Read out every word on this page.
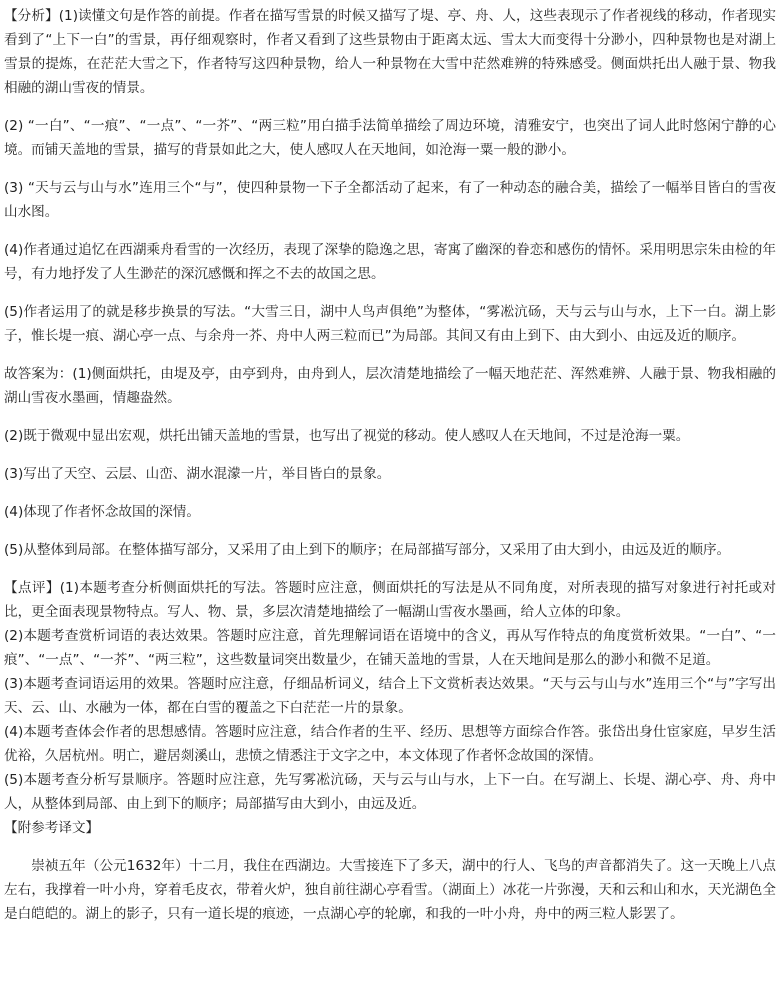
【分析】(1)读懂文句是作答的前提。作者在描写雪景的时候又描写了堤、亭、舟、人，这些表现示了作者视线的移动，作者现实看到了“上下一白”的雪景，再仔细观察时，作者又看到了这些景物由于距离太远、雪太大而变得十分渺小，四种景物也是对湖上雪景的提炼，在茫茫大雪之下，作者特写这四种景物，给人一种景物在大雪中茫然难辨的特殊感受。侧面烘托出人融于景、物我相融的湖山雪夜的情景。

(2) “一白”、“一痕”、“一点”、“一芥”、“两三粒”用白描手法简单描绘了周边环境，清雅安宁，也突出了词人此时悠闲宁静的心境。而铺天盖地的雪景，描写的背景如此之大，使人感叹人在天地间，如沧海一粟一般的渺小。

(3) “天与云与山与水”连用三个“与”，使四种景物一下子全都活动了起来，有了一种动态的融合美，描绘了一幅举目皆白的雪夜山水图。

(4)作者通过追忆在西湖乘舟看雪的一次经历，表现了深挚的隐逸之思，寄寓了幽深的眷恋和感伤的情怀。采用明思宗朱由检的年号，有力地抒发了人生渺茫的深沉感慨和挥之不去的故国之思。

(5)作者运用了的就是移步换景的写法。“大雪三日，湖中人鸟声俱绝”为整体，“雾凇沆砀，天与云与山与水，上下一白。湖上影子，惟长堤一痕、湖心亭一点、与余舟一芥、舟中人两三粒而已”为局部。其间又有由上到下、由大到小、由远及近的顺序。

故答案为：(1)侧面烘托，由堤及亭，由亭到舟，由舟到人，层次清楚地描绘了一幅天地茫茫、浑然难辨、人融于景、物我相融的湖山雪夜水墨画，情趣盎然。

(2)既于微观中显出宏观，烘托出铺天盖地的雪景，也写出了视觉的移动。使人感叹人在天地间，不过是沧海一粟。

(3)写出了天空、云层、山峦、湖水混濛一片，举目皆白的景象。

(4)体现了作者怀念故国的深情。

(5)从整体到局部。在整体描写部分，又采用了由上到下的顺序；在局部描写部分，又采用了由大到小，由远及近的顺序。

【点评】(1)本题考查分析侧面烘托的写法。答题时应注意，侧面烘托的写法是从不同角度，对所表现的描写对象进行衬托或对比，更全面表现景物特点。写人、物、景，多层次清楚地描绘了一幅湖山雪夜水墨画，给人立体的印象。

(2)本题考查赏析词语的表达效果。答题时应注意，首先理解词语在语境中的含义，再从写作特点的角度赏析效果。“一白”、“一痕”、“一点”、“一芥”、“两三粒”，这些数量词突出数量少，在铺天盖地的雪景，人在天地间是那么的渺小和微不足道。

(3)本题考查词语运用的效果。答题时应注意，仔细品析词义，结合上下文赏析表达效果。“天与云与山与水”连用三个“与”字写出天、云、山、水融为一体，都在白雪的覆盖之下白茫茫一片的景象。

(4)本题考查体会作者的思想感情。答题时应注意，结合作者的生平、经历、思想等方面综合作答。张岱出身仕宦家庭，早岁生活优裕，久居杭州。明亡，避居剡溪山，悲愤之情悉注于文字之中，本文体现了作者怀念故国的深情。

(5)本题考查分析写景顺序。答题时应注意，先写雾凇沆砀，天与云与山与水，上下一白。在写湖上、长堤、湖心亭、舟、舟中人，从整体到局部、由上到下的顺序；局部描写由大到小，由远及近。

【附参考译文】

崇祯五年（公元1632年）十二月，我住在西湖边。大雪接连下了多天，湖中的行人、飞鸟的声音都消失了。这一天晚上八点左右，我撑着一叶小舟，穿着毛皮衣，带着火炉，独自前往湖心亭看雪。（湖面上）冰花一片弥漫，天和云和山和水，天光湖色全是白皑皑的。湖上的影子，只有一道长堤的痕迹，一点湖心亭的轮廓，和我的一叶小舟，舟中的两三粒人影罢了。
